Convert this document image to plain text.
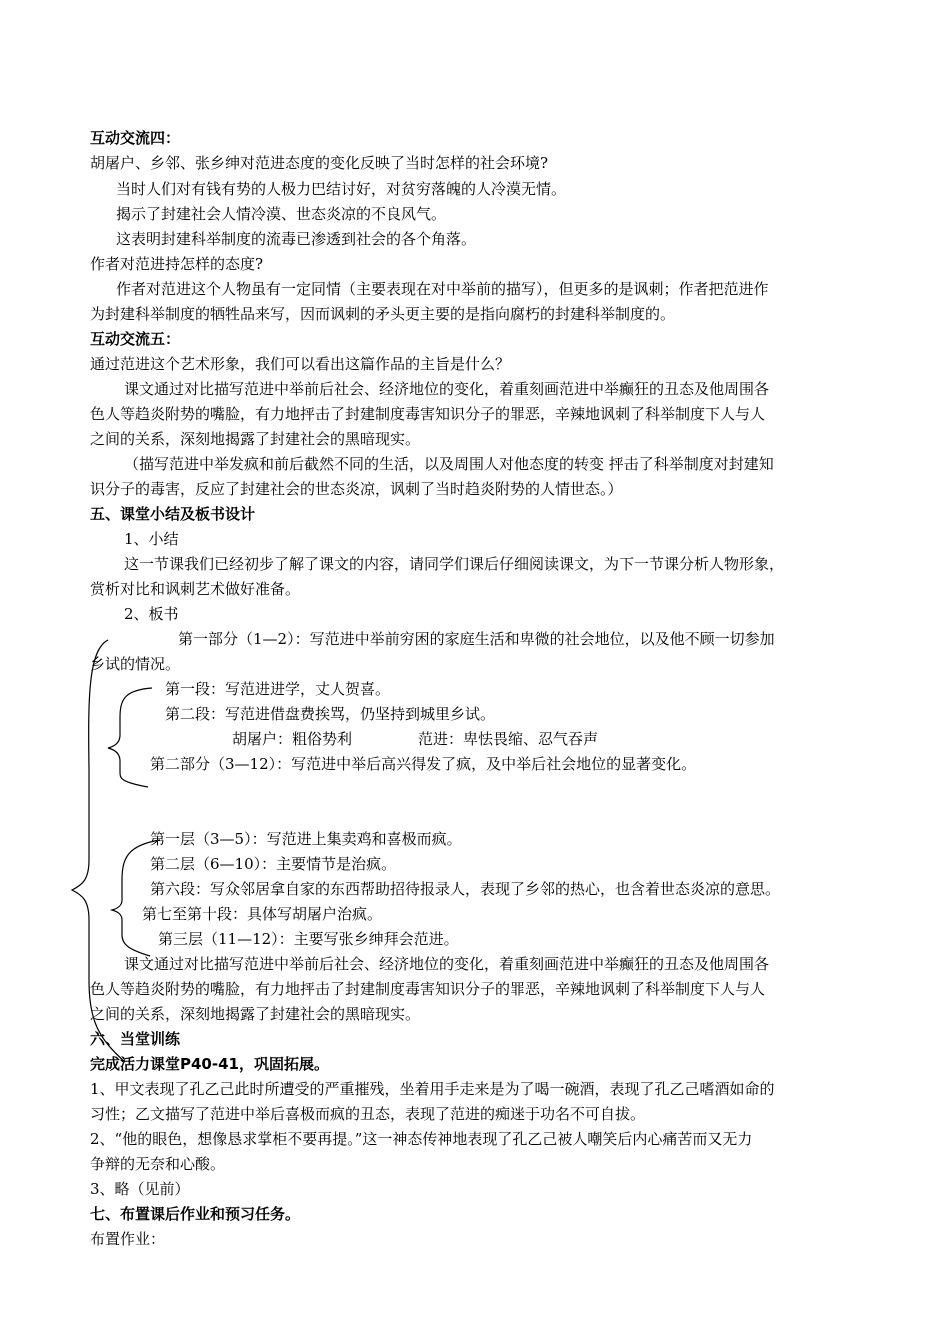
互动交流四：
胡屠户、乡邻、张乡绅对范进态度的变化反映了当时怎样的社会环境?
当时人们对有钱有势的人极力巴结讨好，对贫穷落魄的人冷漠无情。
揭示了封建社会人情冷漠、世态炎凉的不良风气。
这表明封建科举制度的流毒已渗透到社会的各个角落。
作者对范进持怎样的态度?
作者对范进这个人物虽有一定同情（主要表现在对中举前的描写），但更多的是讽刺；作者把范进作
为封建科举制度的牺牲品来写，因而讽刺的矛头更主要的是指向腐朽的封建科举制度的。
互动交流五：
通过范进这个艺术形象，我们可以看出这篇作品的主旨是什么？
课文通过对比描写范进中举前后社会、经济地位的变化，着重刻画范进中举癫狂的丑态及他周围各
色人等趋炎附势的嘴脸，有力地抨击了封建制度毒害知识分子的罪恶，辛辣地讽刺了科举制度下人与人
之间的关系，深刻地揭露了封建社会的黑暗现实。
（描写范进中举发疯和前后截然不同的生活，以及周围人对他态度的转变 抨击了科举制度对封建知
识分子的毒害，反应了封建社会的世态炎凉，讽刺了当时趋炎附势的人情世态。）
五、课堂小结及板书设计
1、小结
这一节课我们已经初步了解了课文的内容，请同学们课后仔细阅读课文，为下一节课分析人物形象，
赏析对比和讽刺艺术做好准备。
2、板书
第一部分（1—2）：写范进中举前穷困的家庭生活和卑微的社会地位，以及他不顾一切参加
乡试的情况。
第一段：写范进进学，丈人贺喜。
第二段：写范进借盘费挨骂，仍坚持到城里乡试。
胡屠户：粗俗势利	范进：卑怯畏缩、忍气吞声
第二部分（3—12）：写范进中举后高兴得发了疯，及中举后社会地位的显著变化。
第一层（3—5）：写范进上集卖鸡和喜极而疯。
第二层（6—10）：主要情节是治疯。
第六段：写众邻居拿自家的东西帮助招待报录人，表现了乡邻的热心，也含着世态炎凉的意思。
第七至第十段：具体写胡屠户治疯。
第三层（11—12）：主要写张乡绅拜会范进。
课文通过对比描写范进中举前后社会、经济地位的变化，着重刻画范进中举癫狂的丑态及他周围各
色人等趋炎附势的嘴脸，有力地抨击了封建制度毒害知识分子的罪恶，辛辣地讽刺了科举制度下人与人
之间的关系，深刻地揭露了封建社会的黑暗现实。
六、当堂训练
完成活力课堂P40-41，巩固拓展。
1、甲文表现了孔乙己此时所遭受的严重摧残，坐着用手走来是为了喝一碗酒，表现了孔乙己嗜酒如命的
习性；乙文描写了范进中举后喜极而疯的丑态，表现了范进的痴迷于功名不可自拔。
2、“他的眼色，想像恳求掌柜不要再提。”这一神态传神地表现了孔乙己被人嘲笑后内心痛苦而又无力
争辩的无奈和心酸。
3、略（见前）
七、布置课后作业和预习任务。
布置作业：
